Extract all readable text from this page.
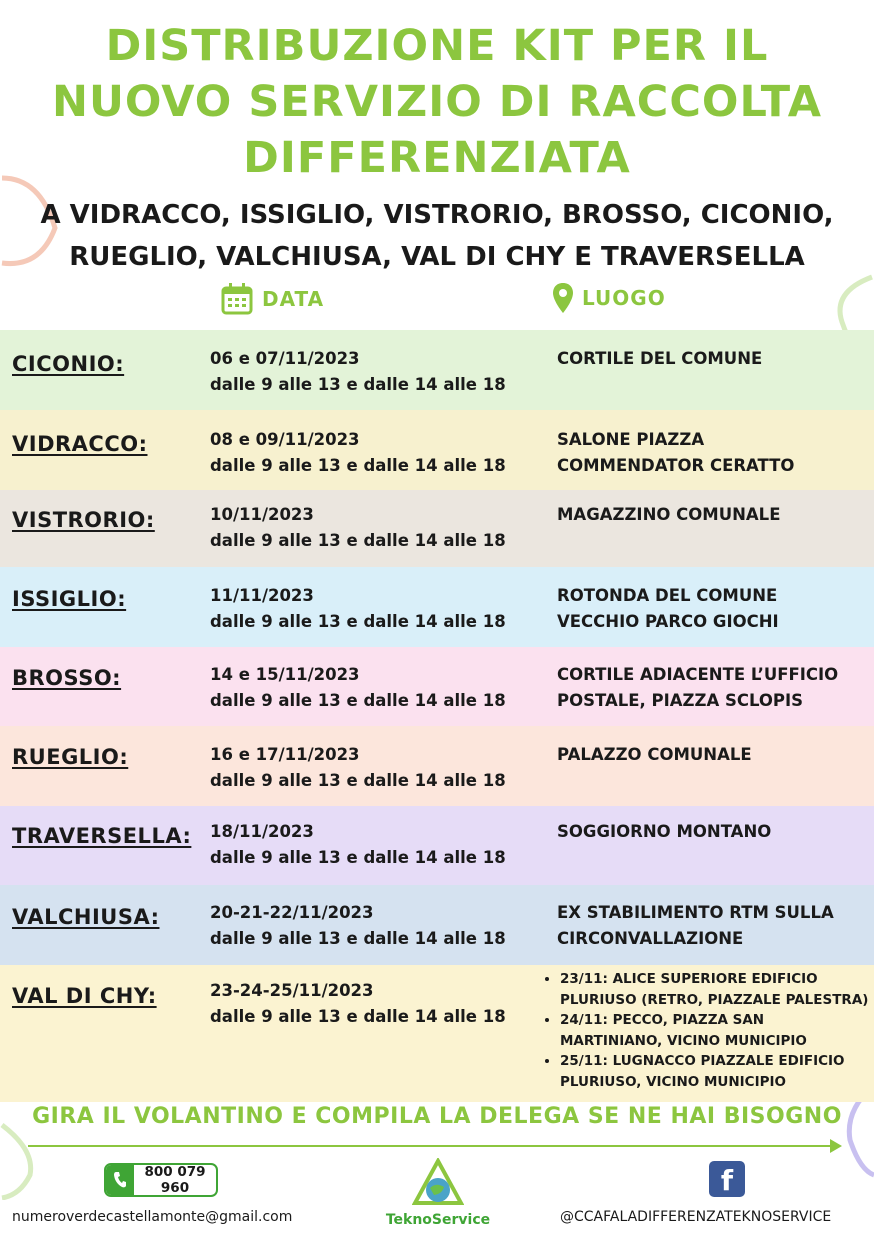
DISTRIBUZIONE KIT PER IL
NUOVO SERVIZIO DI RACCOLTA
DIFFERENZIATA
A VIDRACCO, ISSIGLIO, VISTRORIO, BROSSO, CICONIO,
RUEGLIO, VALCHIUSA, VAL DI CHY E TRAVERSELLA
DATA	LUOGO
CICONIO:	06 e 07/11/2023
dalle 9 alle 13 e dalle 14 alle 18
CORTILE DEL COMUNE
VIDRACCO:	08 e 09/11/2023
dalle 9 alle 13 e dalle 14 alle 18
SALONE PIAZZA
COMMENDATOR CERATTO
VISTRORIO:	10/11/2023
dalle 9 alle 13 e dalle 14 alle 18
MAGAZZINO COMUNALE
ISSIGLIO:	11/11/2023
dalle 9 alle 13 e dalle 14 alle 18
ROTONDA DEL COMUNE
VECCHIO PARCO GIOCHI
BROSSO:	14 e 15/11/2023
dalle 9 alle 13 e dalle 14 alle 18
CORTILE ADIACENTE L’UFFICIO
POSTALE, PIAZZA SCLOPIS
RUEGLIO:	16 e 17/11/2023
dalle 9 alle 13 e dalle 14 alle 18
PALAZZO COMUNALE
TRAVERSELLA: 18/11/2023
dalle 9 alle 13 e dalle 14 alle 18
SOGGIORNO MONTANO
VALCHIUSA:	20-21-22/11/2023
dalle 9 alle 13 e dalle 14 alle 18
EX STABILIMENTO RTM SULLA
CIRCONVALLAZIONE
VAL DI CHY:	23-24-25/11/2023
dalle 9 alle 13 e dalle 14 alle 18
• 23/11: ALICE SUPERIORE EDIFICIO
PLURIUSO (RETRO, PIAZZALE PALESTRA)
• 24/11: PECCO, PIAZZA SAN
MARTINIANO, VICINO MUNICIPIO
• 25/11: LUGNACCO PIAZZALE EDIFICIO
PLURIUSO, VICINO MUNICIPIO
GIRA IL VOLANTINO E COMPILA LA DELEGA SE NE HAI BISOGNO
800 079 960
TeknoService
f
numeroverdecastellamonte@gmail.com	@CCAFALADIFFERENZATEKNOSERVICE
